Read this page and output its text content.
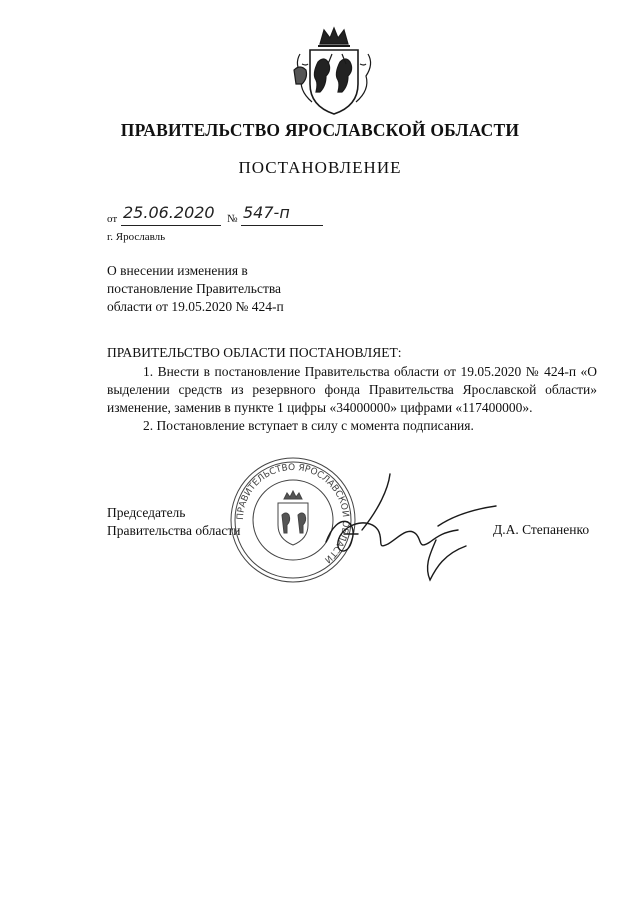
ПРАВИТЕЛЬСТВО ЯРОСЛАВСКОЙ ОБЛАСТИ
ПОСТАНОВЛЕНИЕ
от 25.06.2020 № 547-п
г. Ярославль
О внесении изменения в
постановление Правительства
области от 19.05.2020 № 424-п
ПРАВИТЕЛЬСТВО ОБЛАСТИ ПОСТАНОВЛЯЕТ:

1. Внести в постановление Правительства области от 19.05.2020 № 424-п «О выделении средств из резервного фонда Правительства Ярославской области» изменение, заменив в пункте 1 цифры «34000000» цифрами «117400000».

2. Постановление вступает в силу с момента подписания.

Председатель
Правительства области	Д.А. Степаненко
ПРАВИТЕЛЬСТВО ЯРОСЛАВСКОЙ ОБЛАСТИ
